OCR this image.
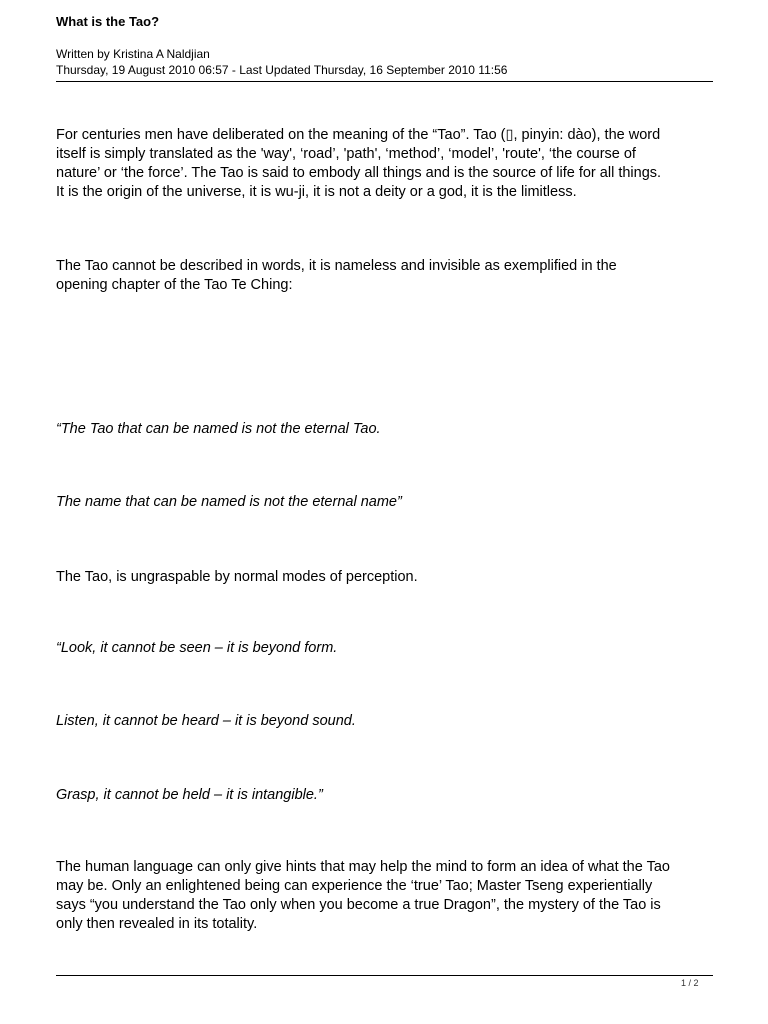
What is the Tao?
Written by Kristina A Naldjian
Thursday, 19 August 2010 06:57 - Last Updated Thursday, 16 September 2010 11:56
For centuries men have deliberated on the meaning of the “Tao”. Tao (▯, pinyin: dào), the word
itself is simply translated as the 'way', ‘road’, 'path', ‘method’, ‘model’, 'route', ‘the course of
nature’ or ‘the force’. The Tao is said to embody all things and is the source of life for all things.
It is the origin of the universe, it is wu-ji, it is not a deity or a god, it is the limitless.
The Tao cannot be described in words, it is nameless and invisible as exemplified in the
opening chapter of the Tao Te Ching:
“The Tao that can be named is not the eternal Tao.
The name that can be named is not the eternal name”
The Tao, is ungraspable by normal modes of perception.
“Look, it cannot be seen – it is beyond form.
Listen, it cannot be heard – it is beyond sound.
Grasp, it cannot be held – it is intangible.”
The human language can only give hints that may help the mind to form an idea of what the Tao
may be. Only an enlightened being can experience the ‘true’ Tao; Master Tseng experientially
says “you understand the Tao only when you become a true Dragon”, the mystery of the Tao is
only then revealed in its totality.
1 / 2
